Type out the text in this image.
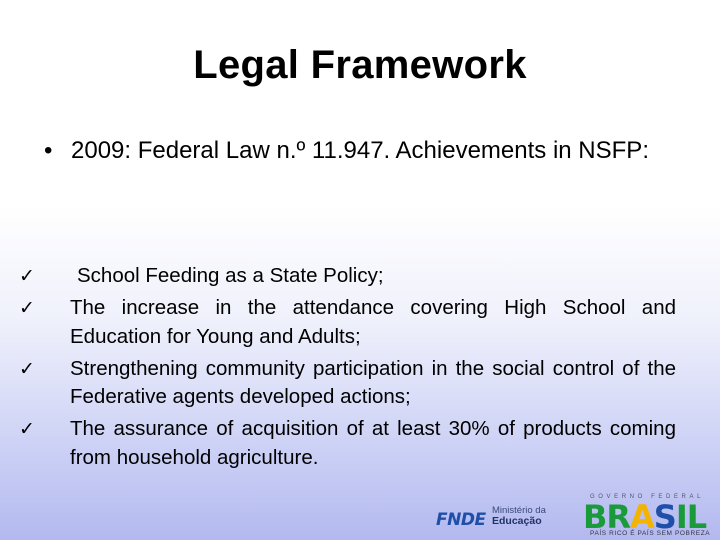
Legal Framework
• 2009: Federal Law n.º 11.947. Achievements in NSFP:
✓ School Feeding as a State Policy;
✓ The increase in the attendance covering High School and Education for Young and Adults;
✓ Strengthening community participation in the social control of the Federative agents developed actions;
✓ The assurance of acquisition of at least 30% of products coming from household agriculture.
FNDE Ministério da
Educação
GOVERNO FEDERAL
BRASIL
PAÍS RICO É PAÍS SEM POBREZA
